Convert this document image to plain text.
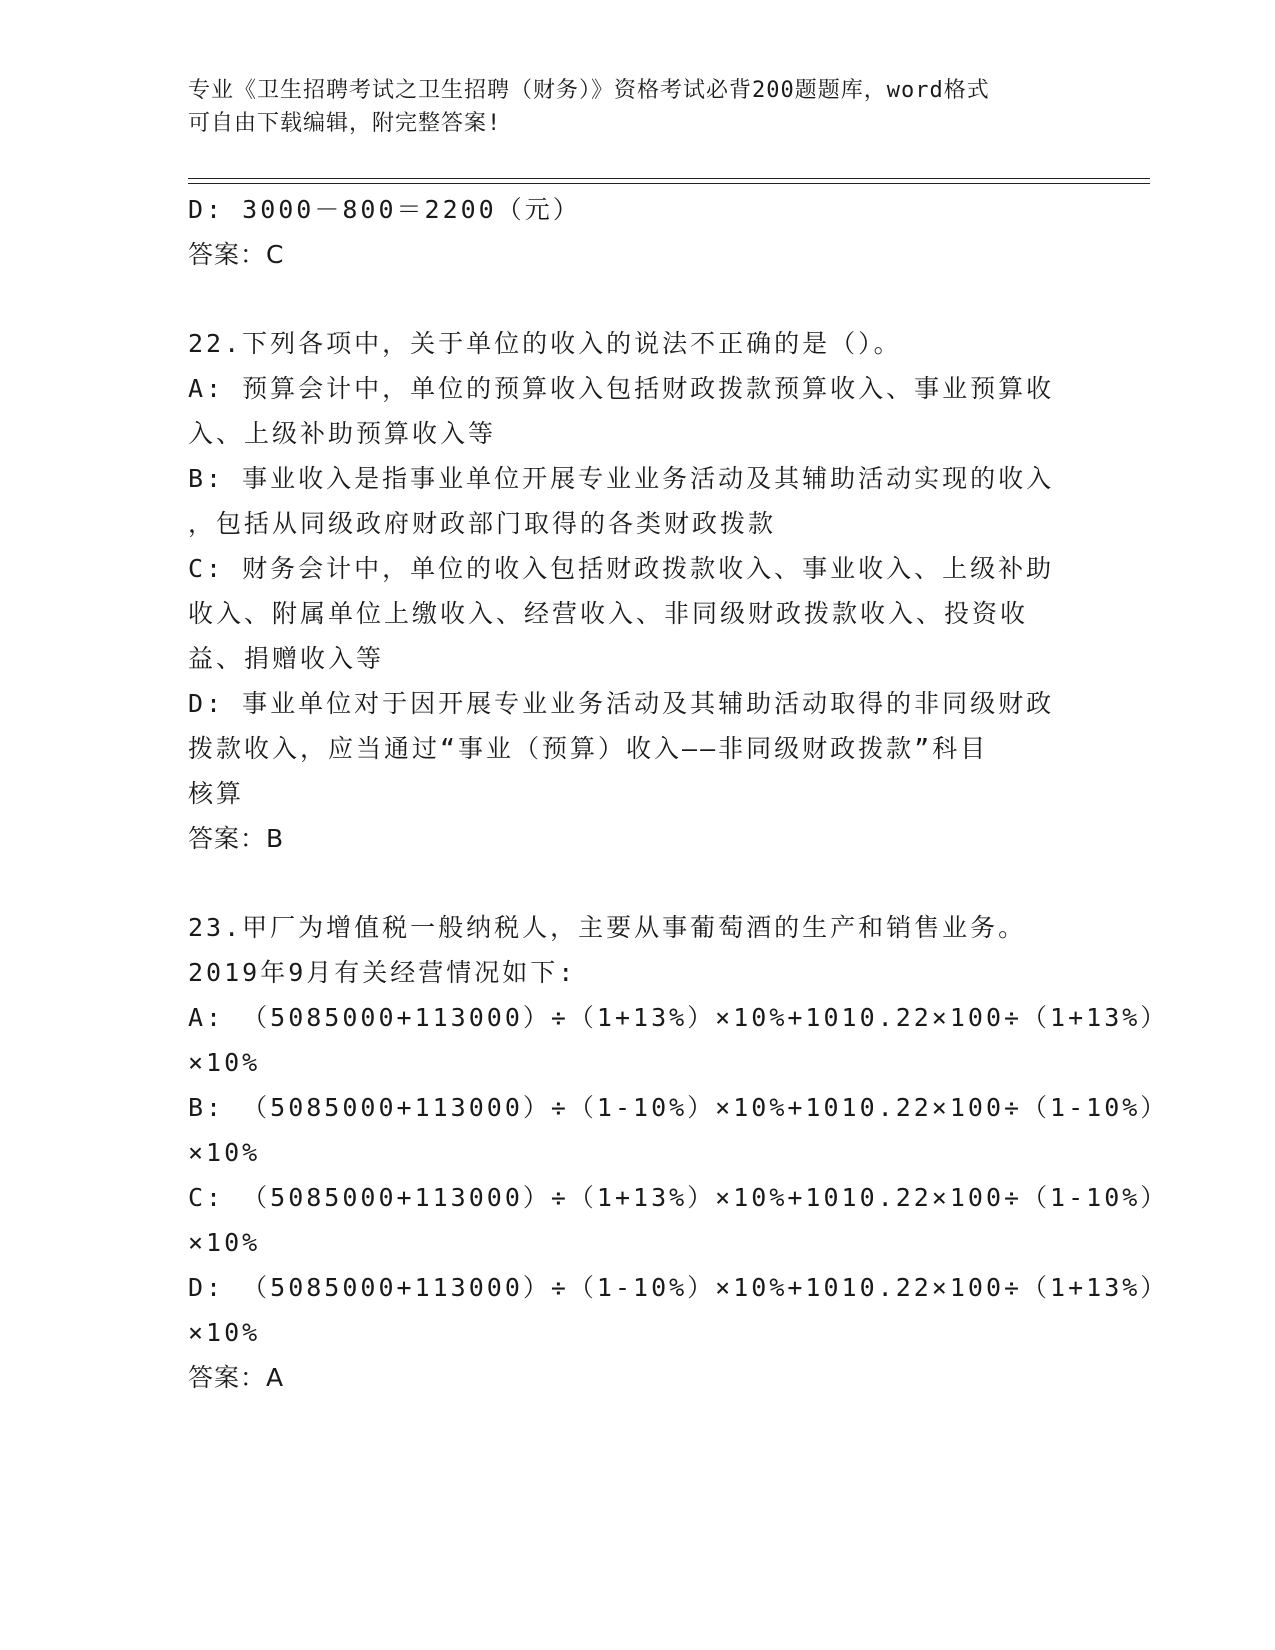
专业《卫生招聘考试之卫生招聘（财务）》资格考试必背200题题库，word格式
可自由下载编辑，附完整答案!
D: 3000－800＝2200（元）
答案：C
22.下列各项中，关于单位的收入的说法不正确的是（）。
A: 预算会计中，单位的预算收入包括财政拨款预算收入、事业预算收
入、上级补助预算收入等
B: 事业收入是指事业单位开展专业业务活动及其辅助活动实现的收入
，包括从同级政府财政部门取得的各类财政拨款
C: 财务会计中，单位的收入包括财政拨款收入、事业收入、上级补助
收入、附属单位上缴收入、经营收入、非同级财政拨款收入、投资收
益、捐赠收入等
D: 事业单位对于因开展专业业务活动及其辅助活动取得的非同级财政
拨款收入，应当通过“事业（预算）收入——非同级财政拨款”科目
核算
答案：B
23.甲厂为增值税一般纳税人，主要从事葡萄酒的生产和销售业务。
2019年9月有关经营情况如下:
A: （5085000+113000）÷（1+13%）×10%+1010.22×100÷（1+13%）
×10%
B: （5085000+113000）÷（1-10%）×10%+1010.22×100÷（1-10%）
×10%
C: （5085000+113000）÷（1+13%）×10%+1010.22×100÷（1-10%）
×10%
D: （5085000+113000）÷（1-10%）×10%+1010.22×100÷（1+13%）
×10%
答案：A
